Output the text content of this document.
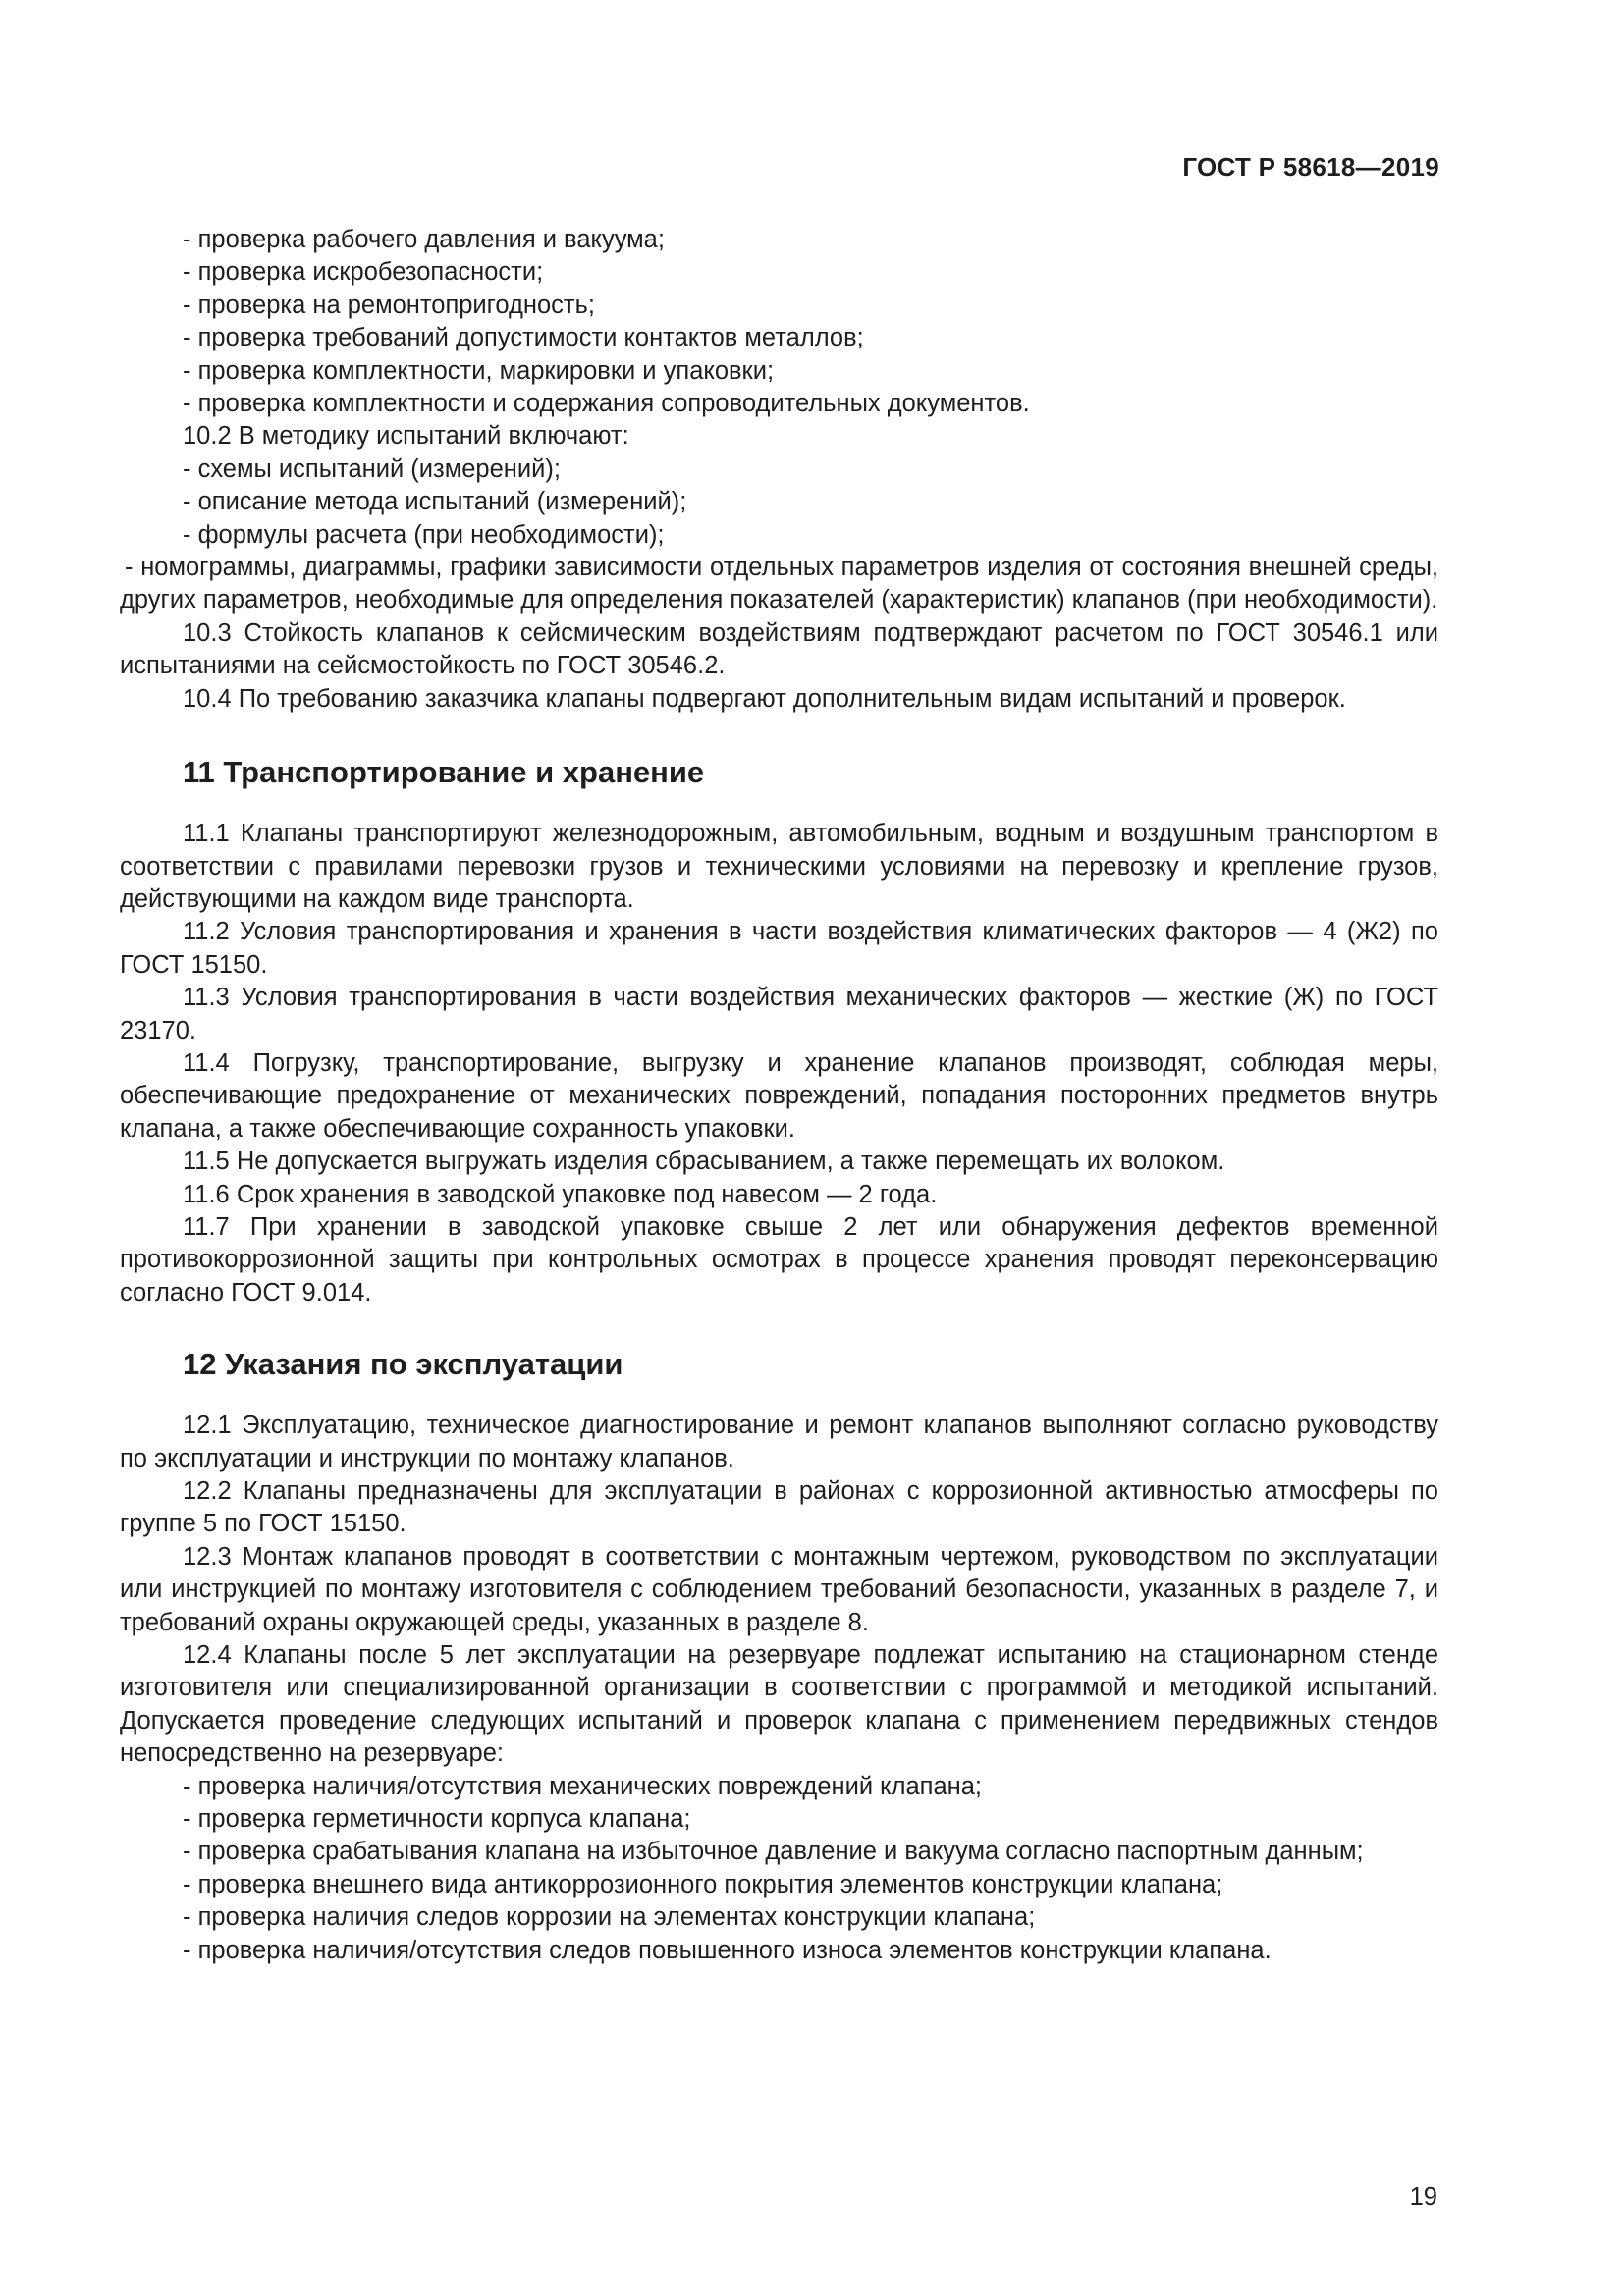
ГОСТ Р 58618—2019

- проверка рабочего давления и вакуума;

- проверка искробезопасности;

- проверка на ремонтопригодность;

- проверка требований допустимости контактов металлов;

- проверка комплектности, маркировки и упаковки;

- проверка комплектности и содержания сопроводительных документов.

10.2 В методику испытаний включают:

- схемы испытаний (измерений);

- описание метода испытаний (измерений);

- формулы расчета (при необходимости);

- номограммы, диаграммы, графики зависимости отдельных параметров изделия от состояния внешней среды, других параметров, необходимые для определения показателей (характеристик) клапанов (при необходимости).

10.3 Стойкость клапанов к сейсмическим воздействиям подтверждают расчетом по ГОСТ 30546.1 или испытаниями на сейсмостойкость по ГОСТ 30546.2.

10.4 По требованию заказчика клапаны подвергают дополнительным видам испытаний и проверок.

11 Транспортирование и хранение

11.1 Клапаны транспортируют железнодорожным, автомобильным, водным и воздушным транспортом в соответствии с правилами перевозки грузов и техническими условиями на перевозку и крепление грузов, действующими на каждом виде транспорта.

11.2 Условия транспортирования и хранения в части воздействия климатических факторов — 4 (Ж2) по ГОСТ 15150.

11.3 Условия транспортирования в части воздействия механических факторов — жесткие (Ж) по ГОСТ 23170.

11.4 Погрузку, транспортирование, выгрузку и хранение клапанов производят, соблюдая меры, обеспечивающие предохранение от механических повреждений, попадания посторонних предметов внутрь клапана, а также обеспечивающие сохранность упаковки.

11.5 Не допускается выгружать изделия сбрасыванием, а также перемещать их волоком.

11.6 Срок хранения в заводской упаковке под навесом — 2 года.

11.7 При хранении в заводской упаковке свыше 2 лет или обнаружения дефектов временной противокоррозионной защиты при контрольных осмотрах в процессе хранения проводят переконсервацию согласно ГОСТ 9.014.

12 Указания по эксплуатации

12.1 Эксплуатацию, техническое диагностирование и ремонт клапанов выполняют согласно руководству по эксплуатации и инструкции по монтажу клапанов.

12.2 Клапаны предназначены для эксплуатации в районах с коррозионной активностью атмосферы по группе 5 по ГОСТ 15150.

12.3 Монтаж клапанов проводят в соответствии с монтажным чертежом, руководством по эксплуатации или инструкцией по монтажу изготовителя с соблюдением требований безопасности, указанных в разделе 7, и требований охраны окружающей среды, указанных в разделе 8.

12.4 Клапаны после 5 лет эксплуатации на резервуаре подлежат испытанию на стационарном стенде изготовителя или специализированной организации в соответствии с программой и методикой испытаний. Допускается проведение следующих испытаний и проверок клапана с применением передвижных стендов непосредственно на резервуаре:

- проверка наличия/отсутствия механических повреждений клапана;

- проверка герметичности корпуса клапана;

- проверка срабатывания клапана на избыточное давление и вакуума согласно паспортным данным;

- проверка внешнего вида антикоррозионного покрытия элементов конструкции клапана;

- проверка наличия следов коррозии на элементах конструкции клапана;

- проверка наличия/отсутствия следов повышенного износа элементов конструкции клапана.

19
